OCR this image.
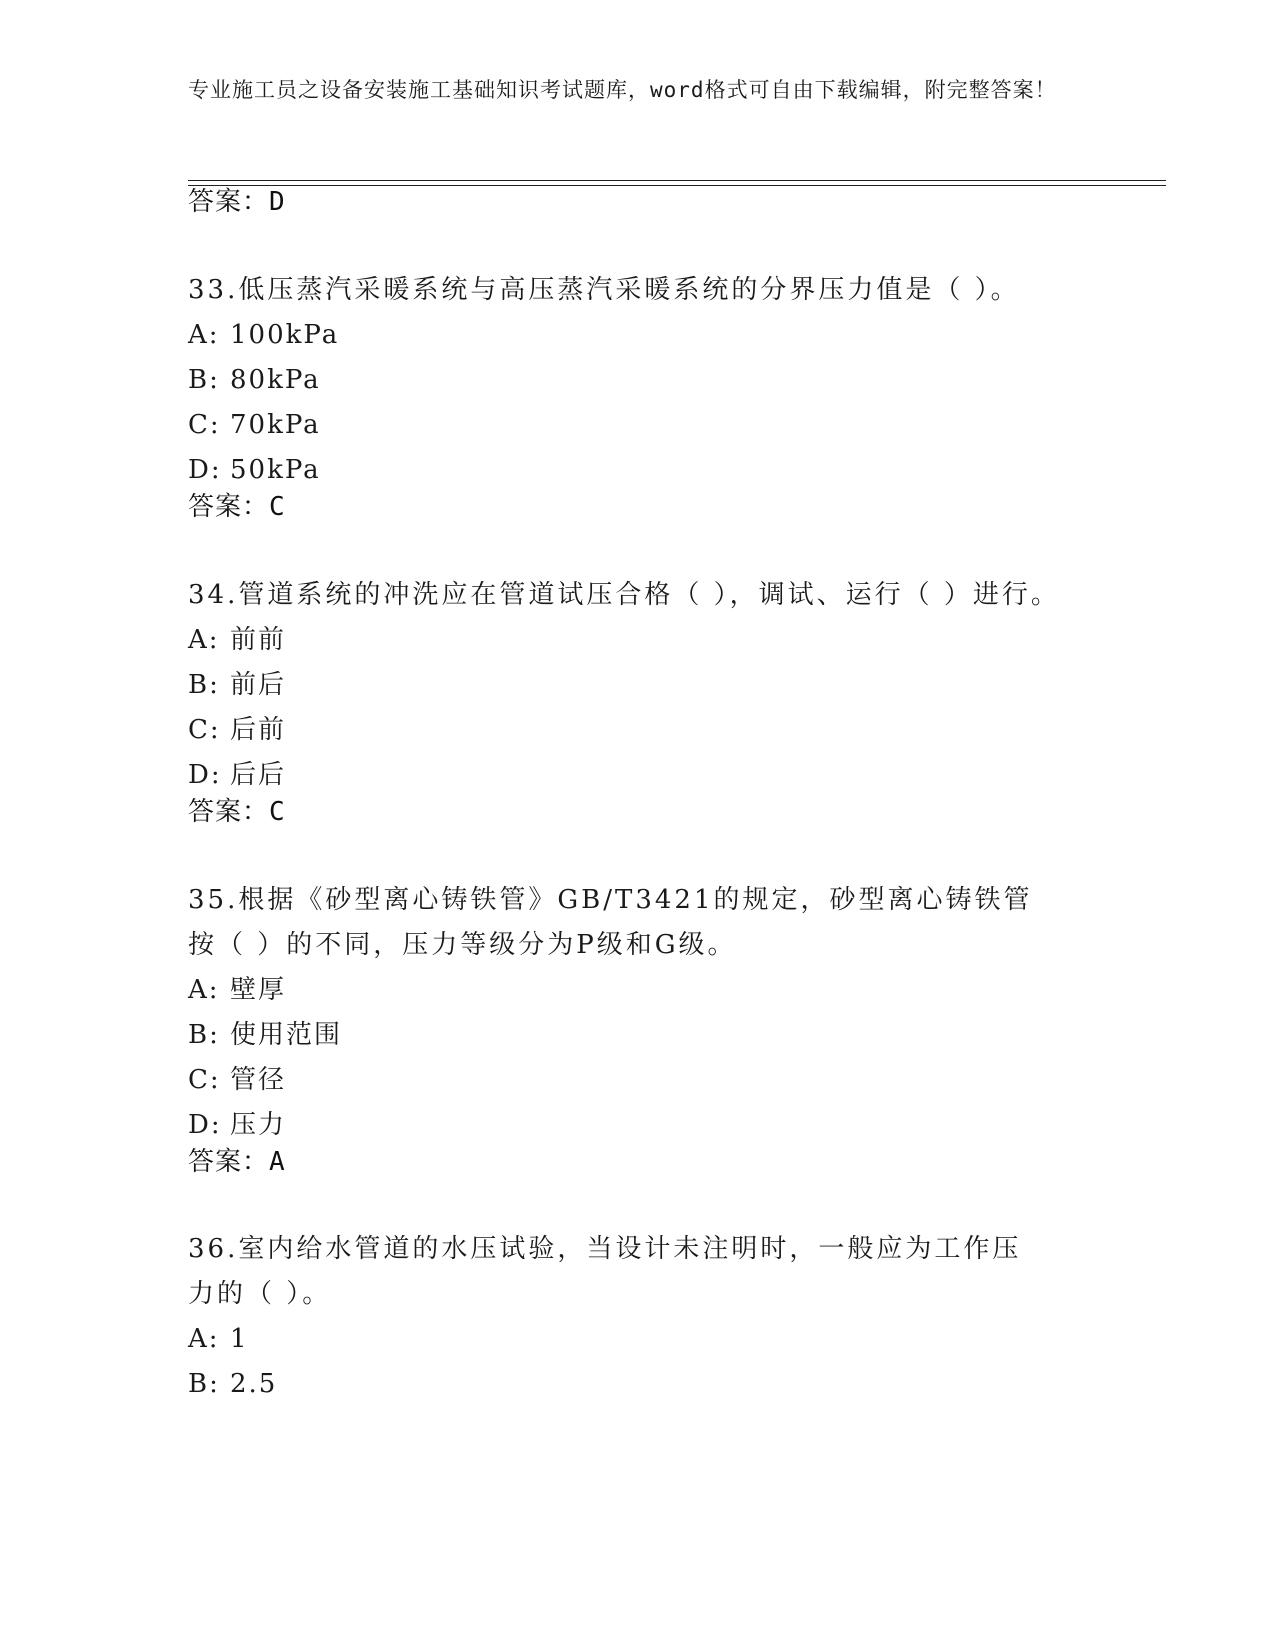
专业施工员之设备安装施工基础知识考试题库，word格式可自由下载编辑，附完整答案！
答案：D
33.低压蒸汽采暖系统与高压蒸汽采暖系统的分界压力值是（ ）。
A: 100kPa
B: 80kPa
C: 70kPa
D: 50kPa
答案：C
34.管道系统的冲洗应在管道试压合格（ ），调试、运行（ ）进行。
A: 前前
B: 前后
C: 后前
D: 后后
答案：C
35.根据《砂型离心铸铁管》GB/T3421的规定，砂型离心铸铁管按（ ）的不同，压力等级分为P级和G级。
A: 壁厚
B: 使用范围
C: 管径
D: 压力
答案：A
36.室内给水管道的水压试验，当设计未注明时，一般应为工作压力的（ ）。
A: 1
B: 2.5
